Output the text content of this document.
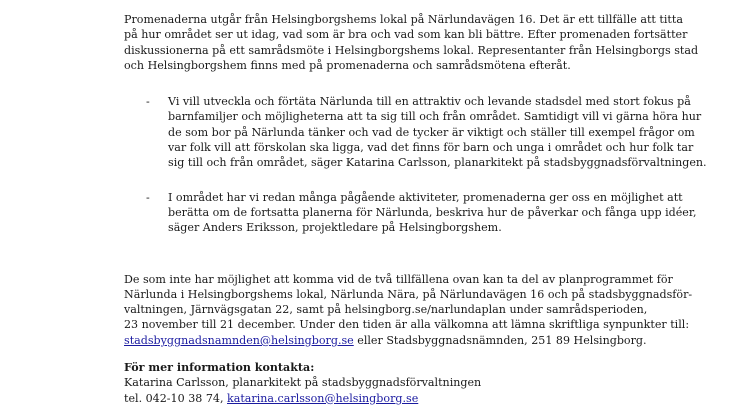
Promenaderna utgår från Helsingborgshems lokal på Närlundavägen 16. Det är ett tillfälle att titta

på hur området ser ut idag, vad som är bra och vad som kan bli bättre. Efter promenaden fortsätter

diskussionerna på ett samrådsmöte i Helsingborgshems lokal. Representanter från Helsingborgs stad

och Helsingborgshem finns med på promenaderna och samrådsmötena efteråt.

- Vi vill utveckla och förtäta Närlunda till en attraktiv och levande stadsdel med stort fokus på
barnfamiljer och möjligheterna att ta sig till och från området. Samtidigt vill vi gärna höra hur
de som bor på Närlunda tänker och vad de tycker är viktigt och ställer till exempel frågor om
var folk vill att förskolan ska ligga, vad det finns för barn och unga i området och hur folk tar
sig till och från området, säger Katarina Carlsson, planarkitekt på stadsbyggnadsförvaltningen.
- I området har vi redan många pågående aktiviteter, promenaderna ger oss en möjlighet att
berätta om de fortsatta planerna för Närlunda, beskriva hur de påverkar och fånga upp idéer,
säger Anders Eriksson, projektledare på Helsingborgshem.

De som inte har möjlighet att komma vid de två tillfällena ovan kan ta del av planprogrammet för

Närlunda i Helsingborgshems lokal, Närlunda Nära, på Närlundavägen 16 och på stadsbyggnadsför-

valtningen, Järnvägsgatan 22, samt på helsingborg.se/narlundaplan under samrådsperioden,

23 november till 21 december. Under den tiden är alla välkomna att lämna skriftliga synpunkter till:

stadsbyggnadsnamnden@helsingborg.se eller Stadsbyggnadsnämnden, 251 89 Helsingborg.

För mer information kontakta:

Katarina Carlsson, planarkitekt på stadsbyggnadsförvaltningen

tel. 042-10 38 74, katarina.carlsson@helsingborg.se
